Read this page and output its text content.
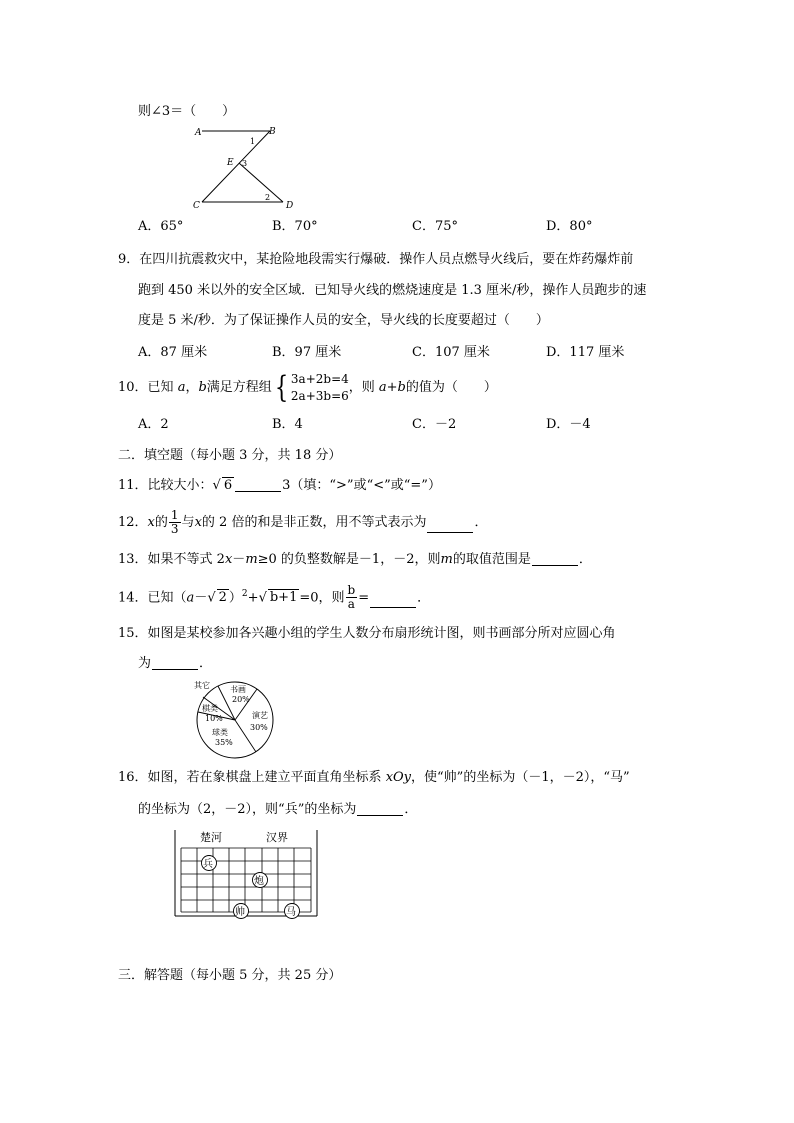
则∠3＝（　　）
A	B
E
C	D
1
3
2
A．65°	B．70°	C．75°	D．80°
9．在四川抗震救灾中，某抢险地段需实行爆破．操作人员点燃导火线后，要在炸药爆炸前
跑到 450 米以外的安全区域．已知导火线的燃烧速度是 1.3 厘米/秒，操作人员跑步的速
度是 5 米/秒．为了保证操作人员的安全，导火线的长度要超过（　　）
A．87 厘米	B．97 厘米	C．107 厘米	D．117 厘米
10．已知 a，b满足方程组{ 3a+2b=4
2a+3b=6
，则 a+b的值为（　　）
A．2	B．4	C．－2	D．－4
二．填空题（每小题 3 分，共 18 分）
11．比较大小：√ 6	3（填：“>”或“<”或“=”）
12．x的 $\frac{1}{3}$ 与x的 2 倍的和是非正数，用不等式表示为	．
13．如果不等式 2x－m≥0 的负整数解是－1，－2，则m的取值范围是	．
14．已知（a－√ 2 ）$^2$+√ b+1 =0，则 $\frac{b}{a}$ =	．
15．如图是某校参加各兴趣小组的学生人数分布扇形统计图，则书画部分所对应圆心角
为	．
书画
20%
演艺
30%
球类
35%
棋类
10%
其它
16．如图，若在象棋盘上建立平面直角坐标系 xOy，使“帅”的坐标为（－1，－2），“马”
的坐标为（2，－2），则“兵”的坐标为	．
楚河	汉界
兵
炮
帅	马
三．解答题（每小题 5 分，共 25 分）
